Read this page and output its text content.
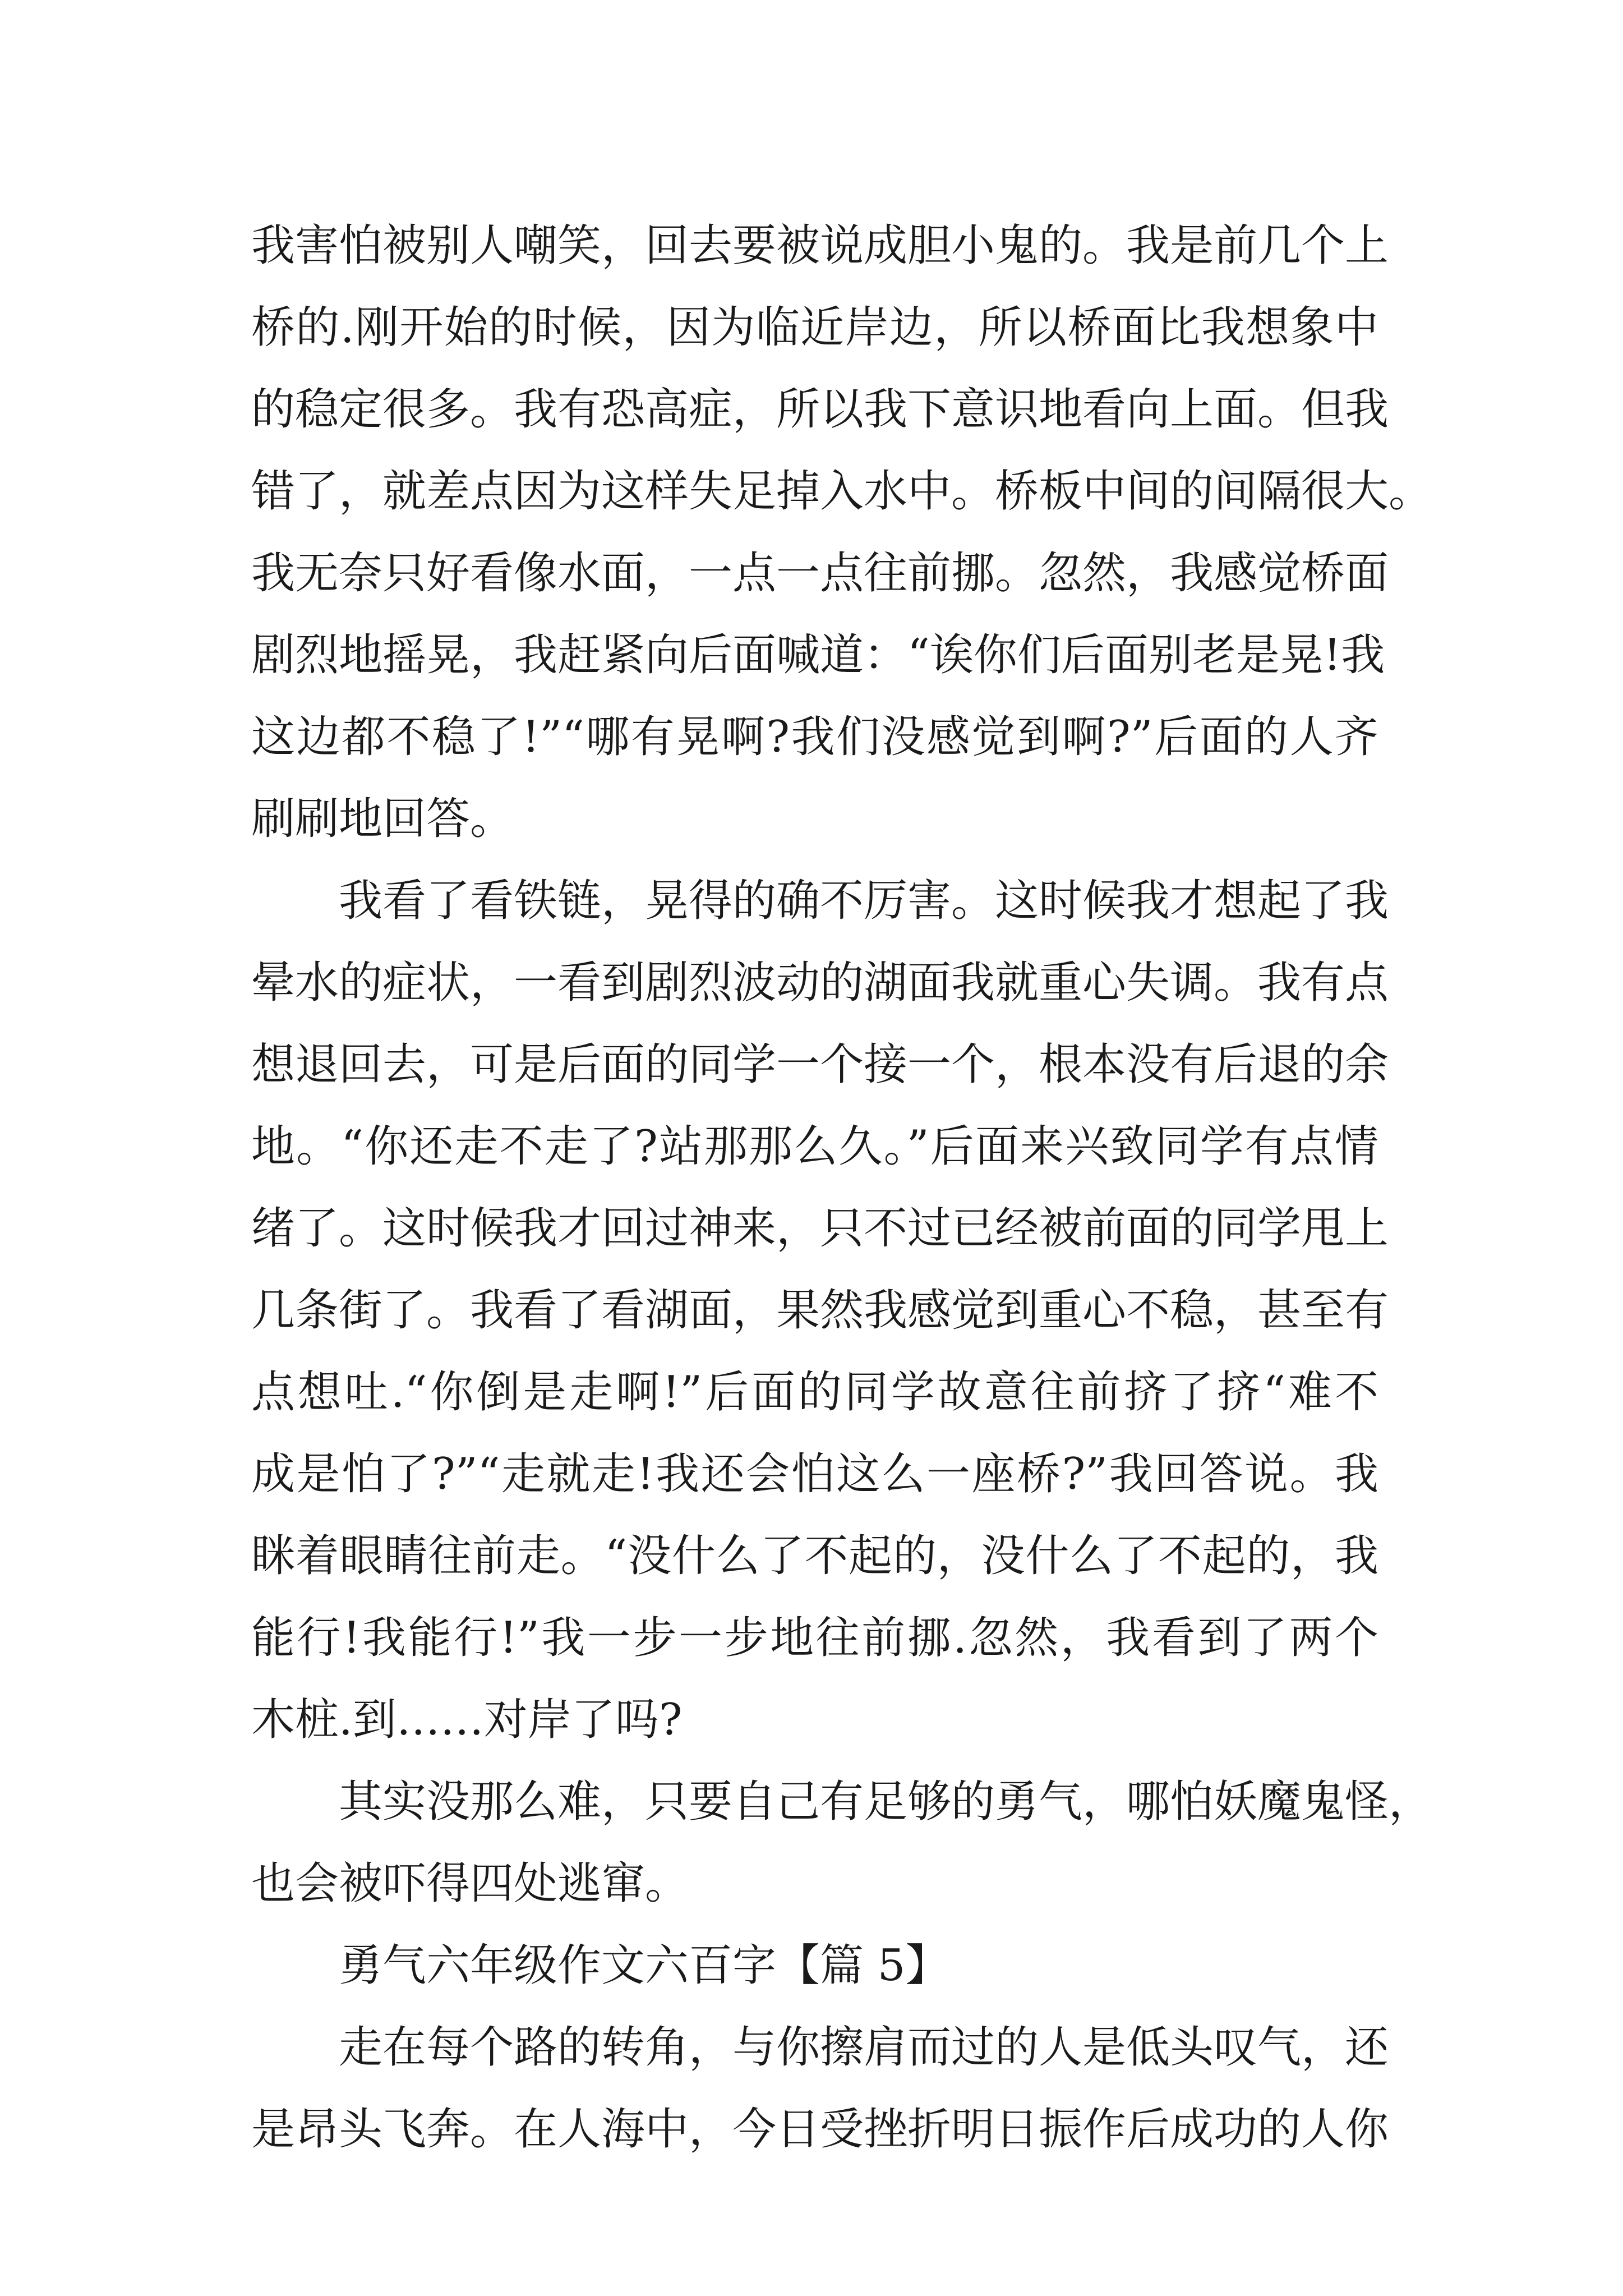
我害怕被别人嘲笑，回去要被说成胆小鬼的。我是前几个上
桥的.刚开始的时候，因为临近岸边，所以桥面比我想象中
的稳定很多。我有恐高症，所以我下意识地看向上面。但我
错了，就差点因为这样失足掉入水中。桥板中间的间隔很大。
我无奈只好看像水面，一点一点往前挪。忽然，我感觉桥面
剧烈地摇晃，我赶紧向后面喊道：“诶你们后面别老是晃!我
这边都不稳了!”“哪有晃啊?我们没感觉到啊?”后面的人齐
刷刷地回答。
我看了看铁链，晃得的确不厉害。这时候我才想起了我
晕水的症状，一看到剧烈波动的湖面我就重心失调。我有点
想退回去，可是后面的同学一个接一个，根本没有后退的余
地。“你还走不走了?站那那么久。”后面来兴致同学有点情
绪了。这时候我才回过神来，只不过已经被前面的同学甩上
几条街了。我看了看湖面，果然我感觉到重心不稳，甚至有
点想吐.“你倒是走啊!”后面的同学故意往前挤了挤“难不
成是怕了?”“走就走!我还会怕这么一座桥?”我回答说。我
眯着眼睛往前走。“没什么了不起的，没什么了不起的，我
能行!我能行!”我一步一步地往前挪.忽然，我看到了两个
木桩.到……对岸了吗?
其实没那么难，只要自己有足够的勇气，哪怕妖魔鬼怪，
也会被吓得四处逃窜。
勇气六年级作文六百字【篇 5】
走在每个路的转角，与你擦肩而过的人是低头叹气，还
是昂头飞奔。在人海中，今日受挫折明日振作后成功的人你
